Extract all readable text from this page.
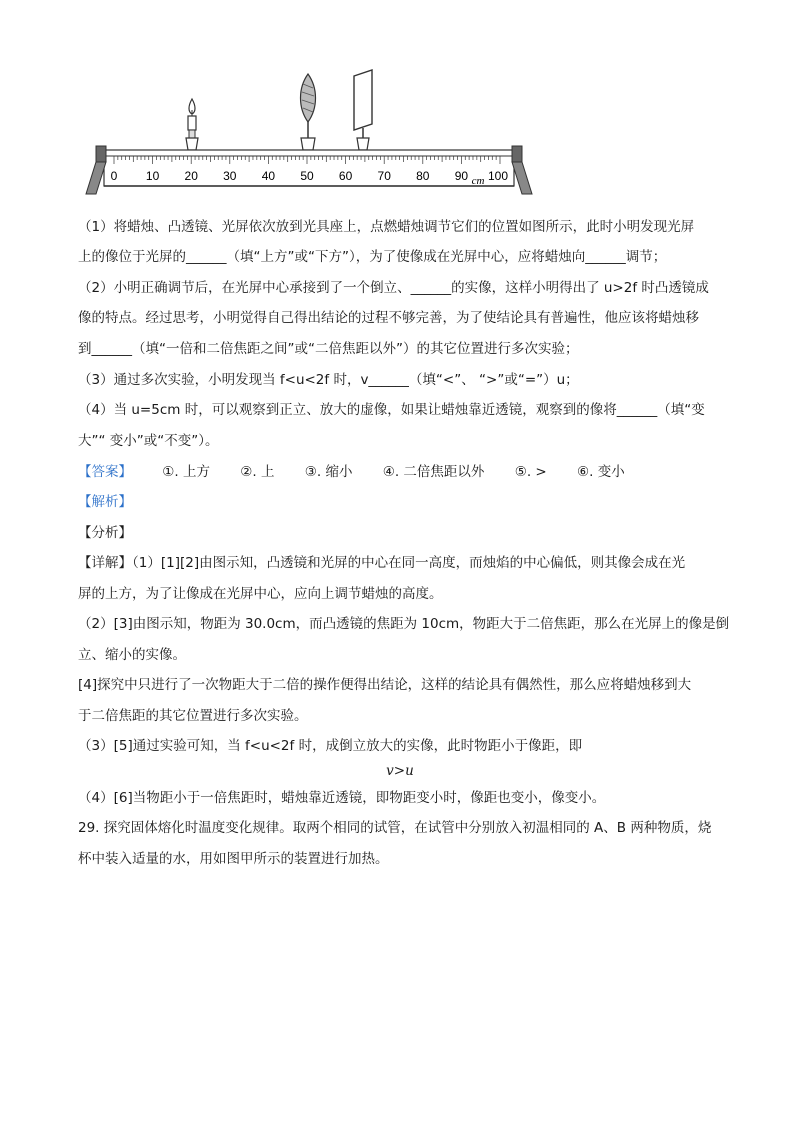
0 10 20 30 40 50 60 70 80 90 100
cm
（1）将蜡烛、凸透镜、光屏依次放到光具座上，点燃蜡烛调节它们的位置如图所示，此时小明发现光屏
上的像位于光屏的______（填“上方”或“下方”），为了使像成在光屏中心，应将蜡烛向______调节；
（2）小明正确调节后，在光屏中心承接到了一个倒立、______的实像，这样小明得出了 u>2f 时凸透镜成
像的特点。经过思考，小明觉得自己得出结论的过程不够完善，为了使结论具有普遍性，他应该将蜡烛移
到______（填“一倍和二倍焦距之间”或“二倍焦距以外”）的其它位置进行多次实验；
（3）通过多次实验，小明发现当 f<u<2f 时，v______（填“<”、 “>”或“=”）u；
（4）当 u=5cm 时，可以观察到正立、放大的虚像，如果让蜡烛靠近透镜，观察到的像将______（填“变
大”“ 变小”或“不变”）。
【答案】 ①. 上方 ②. 上 ③. 缩小 ④. 二倍焦距以外 ⑤. > ⑥. 变小
【解析】
【分析】
【详解】（1）[1][2]由图示知，凸透镜和光屏的中心在同一高度，而烛焰的中心偏低，则其像会成在光
屏的上方，为了让像成在光屏中心，应向上调节蜡烛的高度。
（2）[3]由图示知，物距为 30.0cm，而凸透镜的焦距为 10cm，物距大于二倍焦距，那么在光屏上的像是倒
立、缩小的实像。
[4]探究中只进行了一次物距大于二倍的操作便得出结论，这样的结论具有偶然性，那么应将蜡烛移到大
于二倍焦距的其它位置进行多次实验。
（3）[5]通过实验可知，当 f<u<2f 时，成倒立放大的实像，此时物距小于像距，即
v>u
（4）[6]当物距小于一倍焦距时，蜡烛靠近透镜，即物距变小时，像距也变小，像变小。
29. 探究固体熔化时温度变化规律。取两个相同的试管，在试管中分别放入初温相同的 A、B 两种物质，烧
杯中装入适量的水，用如图甲所示的装置进行加热。
